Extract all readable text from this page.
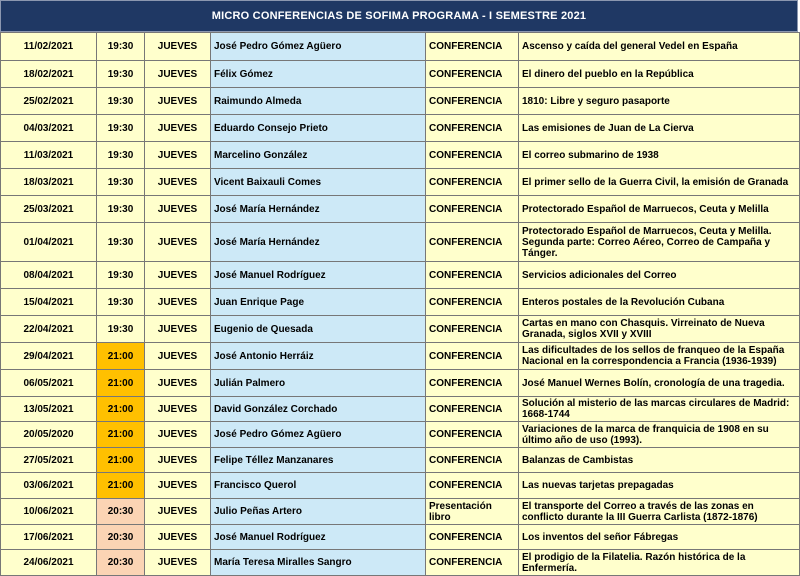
MICRO CONFERENCIAS DE SOFIMA PROGRAMA - I SEMESTRE 2021
11/02/2021	19:30	JUEVES	José Pedro Gómez Agüero	CONFERENCIA	Ascenso y caída del general Vedel en España
18/02/2021	19:30	JUEVES	Félix Gómez	CONFERENCIA	El dinero del pueblo en la República
25/02/2021	19:30	JUEVES	Raimundo Almeda	CONFERENCIA	1810: Libre y seguro pasaporte
04/03/2021	19:30	JUEVES	Eduardo Consejo Prieto	CONFERENCIA	Las emisiones de Juan de La Cierva
11/03/2021	19:30	JUEVES	Marcelino González	CONFERENCIA	El correo submarino de 1938
18/03/2021	19:30	JUEVES	Vicent Baixauli Comes	CONFERENCIA	El primer sello de la Guerra Civil, la emisión de Granada
25/03/2021	19:30	JUEVES	José María Hernández	CONFERENCIA	Protectorado Español de Marruecos, Ceuta y Melilla
01/04/2021	19:30	JUEVES	José María Hernández	CONFERENCIA	Protectorado Español de Marruecos, Ceuta y Melilla. Segunda parte: Correo Aéreo, Correo de Campaña y Tánger.
08/04/2021	19:30	JUEVES	José Manuel Rodríguez	CONFERENCIA	Servicios adicionales del Correo
15/04/2021	19:30	JUEVES	Juan Enrique Page	CONFERENCIA	Enteros postales de la Revolución Cubana
22/04/2021	19:30	JUEVES	Eugenio de Quesada	CONFERENCIA	Cartas en mano con Chasquis. Virreinato de Nueva Granada, siglos XVII y XVIII
29/04/2021	21:00	JUEVES	José Antonio Herráiz	CONFERENCIA	Las dificultades de los sellos de franqueo de la España Nacional en la correspondencia a Francia (1936-1939)
06/05/2021	21:00	JUEVES	Julián Palmero	CONFERENCIA	José Manuel Wernes Bolín, cronología de una tragedia.
13/05/2021	21:00	JUEVES	David González Corchado	CONFERENCIA	Solución al misterio de las marcas circulares de Madrid: 1668-1744
20/05/2020	21:00	JUEVES	José Pedro Gómez Agüero	CONFERENCIA	Variaciones de la marca de franquicia de 1908 en su último año de uso (1993).
27/05/2021	21:00	JUEVES	Felipe Téllez Manzanares	CONFERENCIA	Balanzas de Cambistas
03/06/2021	21:00	JUEVES	Francisco Querol	CONFERENCIA	Las nuevas tarjetas prepagadas
10/06/2021	20:30	JUEVES	Julio Peñas Artero	Presentación libro	El transporte del Correo a través de las zonas en conflicto durante la III Guerra Carlista (1872-1876)
17/06/2021	20:30	JUEVES	José Manuel Rodríguez	CONFERENCIA	Los inventos del señor Fábregas
24/06/2021	20:30	JUEVES	María Teresa Miralles Sangro	CONFERENCIA	El prodigio de la Filatelia. Razón histórica de la Enfermería.
